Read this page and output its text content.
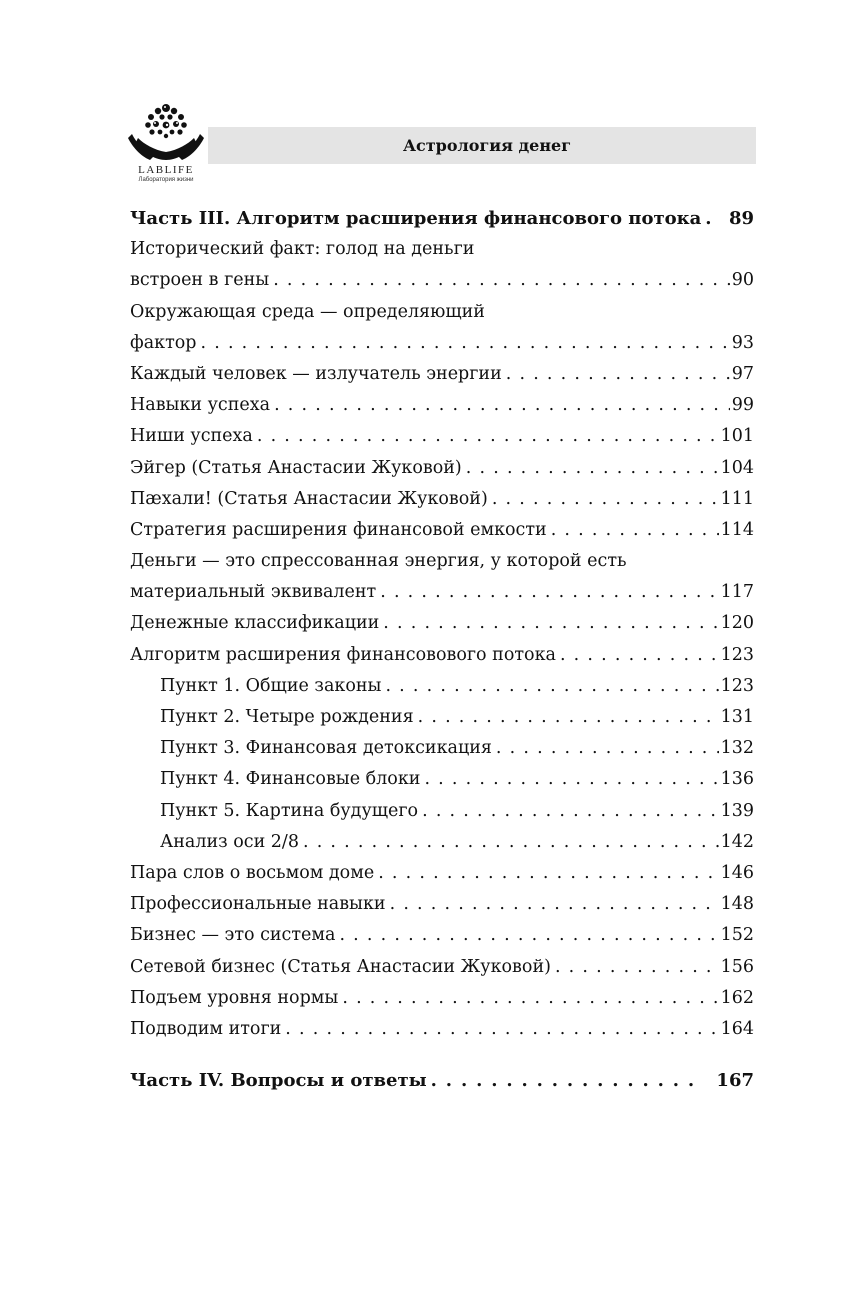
LABLIFE
Лаборатория жизни
Астрология денег
Часть III. Алгоритм расширения финансового потока . . .	89
Исторический факт: голод на деньги
встроен в гены . . .	90
Окружающая среда — определяющий
фактор . . .	93
Каждый человек — излучатель энергии . . .	97
Навыки успеха . . .	99
Ниши успеха . . .	101
Эйгер (Статья Анастасии Жуковой) . . .	104
Пæхали! (Статья Анастасии Жуковой) . . .	111
Стратегия расширения финансовой емкости . . .	114
Деньги — это спрессованная энергия, у которой есть
материальный эквивалент . . .	117
Денежные классификации . . .	120
Алгоритм расширения финансовового потока . . .	123
Пункт 1. Общие законы . . .	123
Пункт 2. Четыре рождения . . .	131
Пункт 3. Финансовая детоксикация . . .	132
Пункт 4. Финансовые блоки . . .	136
Пункт 5. Картина будущего . . .	139
Анализ оси 2/8 . . .	142
Пара слов о восьмом доме . . .	146
Профессиональные навыки . . .	148
Бизнес — это система . . .	152
Сетевой бизнес (Статья Анастасии Жуковой) . . .	156
Подъем уровня нормы . . .	162
Подводим итоги . . .	164
Часть IV. Вопросы и ответы . . .	167
